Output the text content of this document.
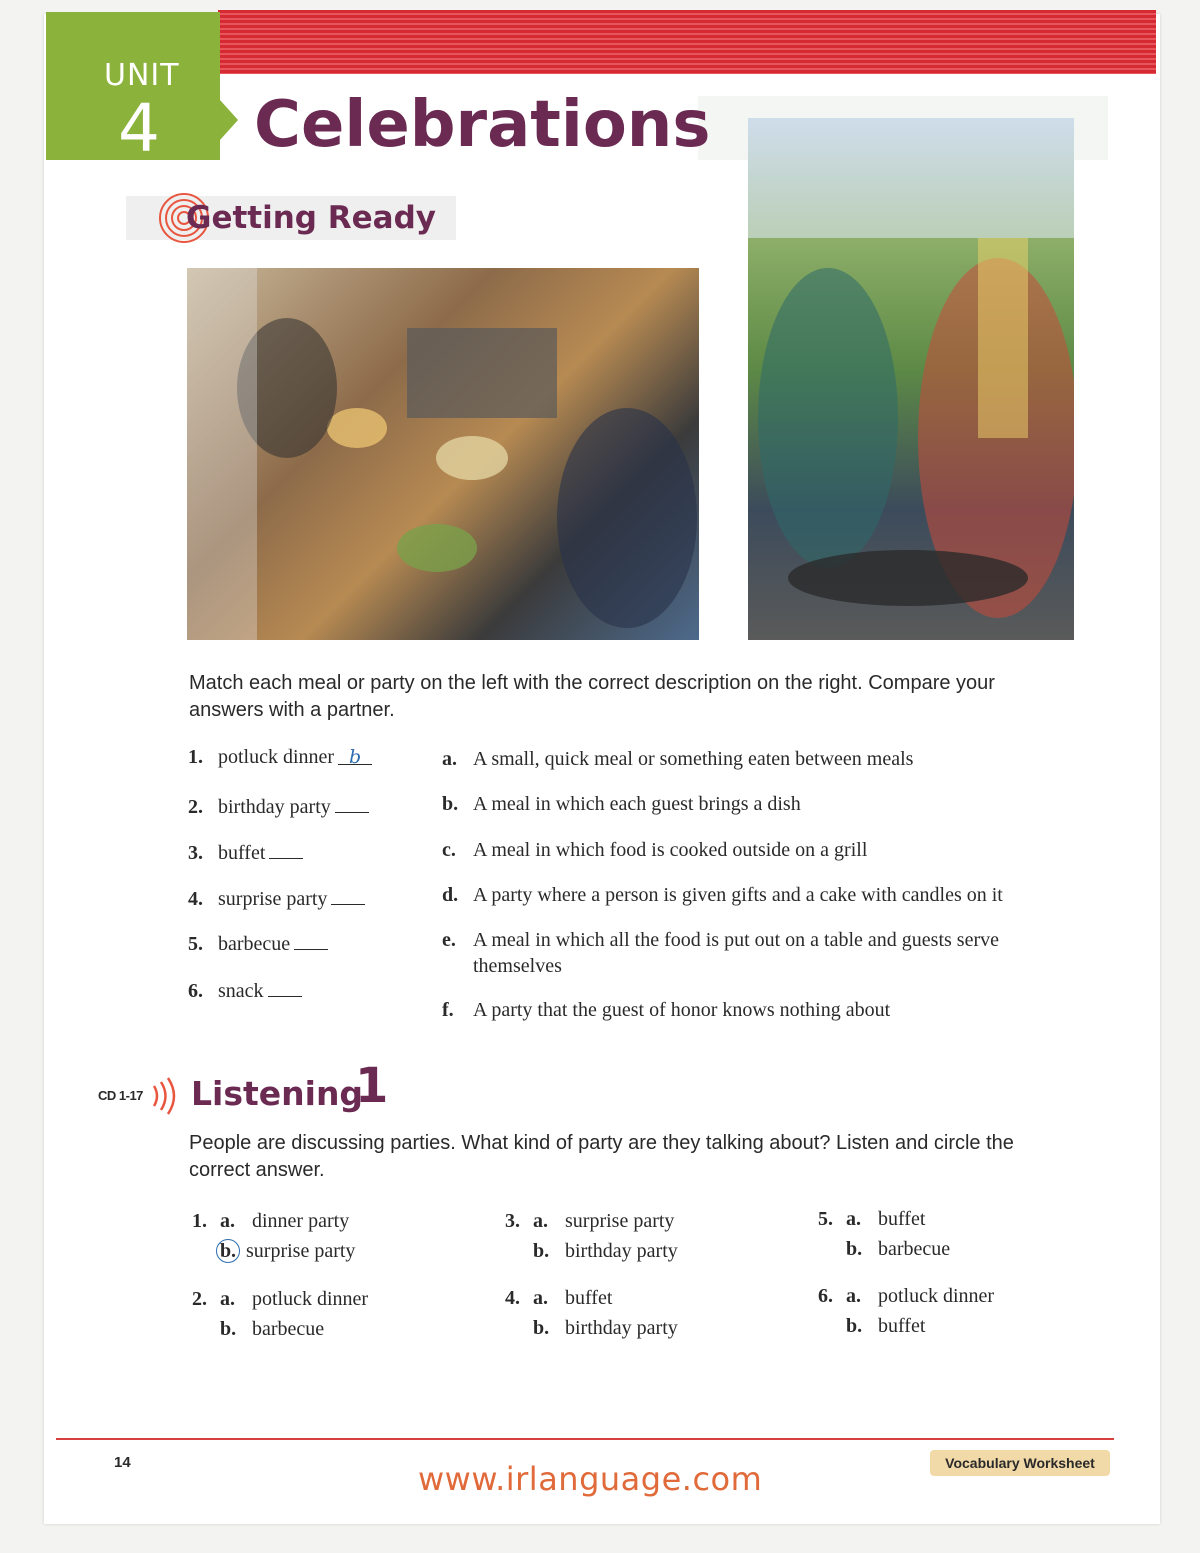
UNIT
4 Celebrations
Getting Ready
Match each meal or party on the left with the correct description on the right. Compare your answers with a partner.
1. potluck dinner b
2. birthday party
3. buffet
4. surprise party
5. barbecue
6. snack
a. A small, quick meal or something eaten between meals
b. A meal in which each guest brings a dish
c. A meal in which food is cooked outside on a grill
d. A party where a person is given gifts and a cake with candles on it
e. A meal in which all the food is put out on a table and guests serve themselves
f. A party that the guest of honor knows nothing about
CD 1-17 Listening
1
People are discussing parties. What kind of party are they talking about? Listen and circle the correct answer.
1. a. dinner party
b. surprise party
2. a. potluck dinner
b. barbecue
3. a. surprise party
b. birthday party
4. a. buffet
b. birthday party
5. a. buffet
b. barbecue
6. a. potluck dinner
b. buffet
14	Vocabulary Worksheet
www.irlanguage.com
